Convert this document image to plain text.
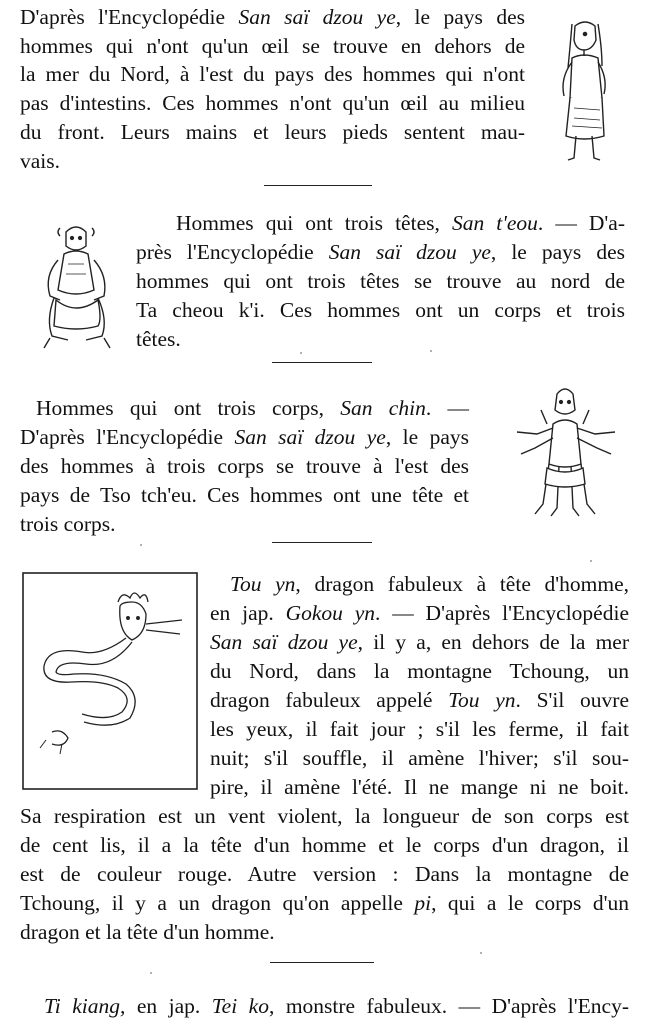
D'après l'Encyclopédie San saï dzou ye, le pays des
hommes qui n'ont qu'un œil se trouve en dehors de
la mer du Nord, à l'est du pays des hommes qui n'ont
pas d'intestins. Ces hommes n'ont qu'un œil au milieu
du front. Leurs mains et leurs pieds sentent mau-
vais.
Hommes qui ont trois têtes, San t'eou. — D'a-
près l'Encyclopédie San saï dzou ye, le pays des
hommes qui ont trois têtes se trouve au nord de
Ta cheou k'i. Ces hommes ont un corps et trois
têtes.
Hommes qui ont trois corps, San chin. —
D'après l'Encyclopédie San saï dzou ye, le pays
des hommes à trois corps se trouve à l'est des
pays de Tso tch'eu. Ces hommes ont une tête et
trois corps.
Tou yn, dragon fabuleux à tête d'homme,
en jap. Gokou yn. — D'après l'Encyclopédie
San saï dzou ye, il y a, en dehors de la mer
du Nord, dans la montagne Tchoung, un
dragon fabuleux appelé Tou yn. S'il ouvre
les yeux, il fait jour ; s'il les ferme, il fait
nuit; s'il souffle, il amène l'hiver; s'il sou-
pire, il amène l'été. Il ne mange ni ne boit.
Sa respiration est un vent violent, la longueur de son corps est
de cent lis, il a la tête d'un homme et le corps d'un dragon, il
est de couleur rouge. Autre version : Dans la montagne de
Tchoung, il y a un dragon qu'on appelle pi, qui a le corps d'un
dragon et la tête d'un homme.
Ti kiang, en jap. Tei ko, monstre fabuleux. — D'après l'Ency-
